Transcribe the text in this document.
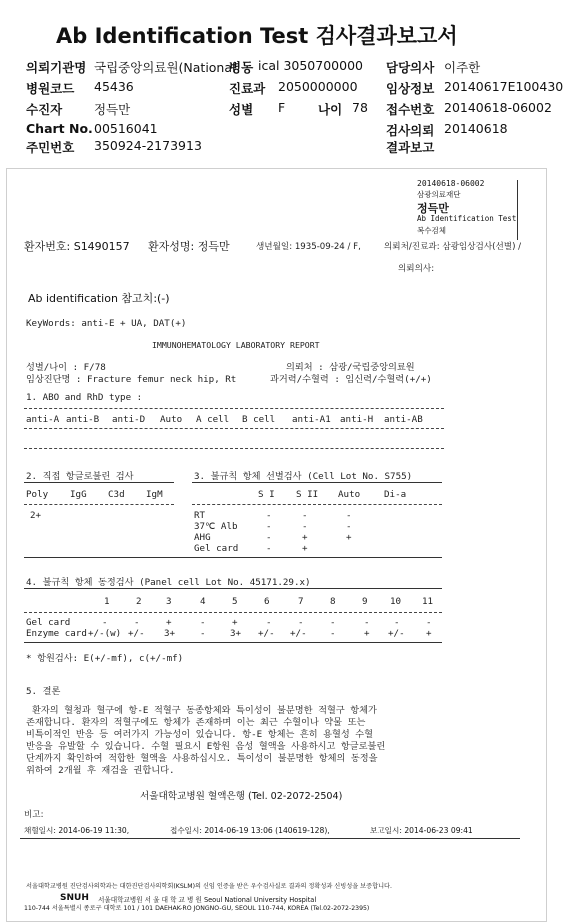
Ab Identification Test 검사결과보고서
의뢰기관명 국립중앙의료원(National
병동 ical 3050700000 담당의사 이주한
병원코드 45436	진료과 2050000000 임상정보 20140617E100430
수진자	정득만	성별 F	나이 78 접수번호 20140618-06002
Chart No. 00516041	검사의뢰 20140618
주민번호 350924-2173913	결과보고
20140618-06002
삼광의료재단
정득만
Ab Identification Test
복수검체
환자번호: S1490157 환자성명: 정득만	생년월일: 1935-09-24 / F,	의뢰처/진료과: 삼광임상검사(선별) /
의뢰의사:
Ab identification 참고치:(-)
KeyWords: anti-E + UA, DAT(+)
IMMUNOHEMATOLOGY LABORATORY REPORT
성별/나이 : F/78
임상진단명 : Fracture femur neck hip, Rt
의뢰처 : 삼광/국립중앙의료원
과거력/수혈력 : 임신력/수혈력(+/+)
1. ABO and RhD type :
anti-A anti-B anti-D Auto A cell B cell anti-A1 anti-H anti-AB
2. 직접 항글로불린 검사
Poly IgG C3d IgM
2+
3. 불규칙 항체 선별검사 (Cell Lot No. S755)
S I S II Auto	Di-a
RT	-	-	-
37℃ Alb	-	-	-
AHG	-	+	+
Gel card	-	+
4. 불규칙 항체 동정검사 (Panel cell Lot No. 45171.29.x)
1	2	3	4	5	6	7	8	9 10 11
Gel card	-	-	+	-	+	-	-	-	-	-	-
Enzyme card +/-(w) +/- 3+	-	3+ +/- +/-	-	+ +/- +
* 항원검사: E(+/-mf), c(+/-mf)
5. 결론
환자의 혈청과 혈구에 항-E 적혈구 동종항체와 특이성이 불분명한 적혈구 항체가
존재합니다. 환자의 적혈구에도 항체가 존재하며 이는 최근 수혈이나 약물 또는
비특이적인 반응 등 여러가지 가능성이 있습니다. 항-E 항체는 흔히 용혈성 수혈
반응을 유발할 수 있습니다. 수혈 필요시 E항원 음성 혈액을 사용하시고 항글로불린
단계까지 확인하여 적합한 혈액을 사용하십시오. 특이성이 불분명한 항체의 동정을
위하여 2개월 후 재검을 권합니다.
서울대학교병원 혈액은행 (Tel. 02-2072-2504)
비고:
채혈일시: 2014-06-19 11:30,	접수일시: 2014-06-19 13:06 (140619-128),	보고일시: 2014-06-23 09:41
서울대학교병원 진단검사의학과는 대한진단검사의학회(KSLM)의 신임 인증을 받은 우수검사실로 결과의 정확성과 신빙성을 보증합니다.
SNUH 서울대학교병원 서 울 대 학 교 병 원 Seoul National University Hospital
110-744 서울특별시 종로구 대학로 101 / 101 DAEHAK-RO JONGNO-GU, SEOUL 110-744, KOREA (Tel.02-2072-2395)
